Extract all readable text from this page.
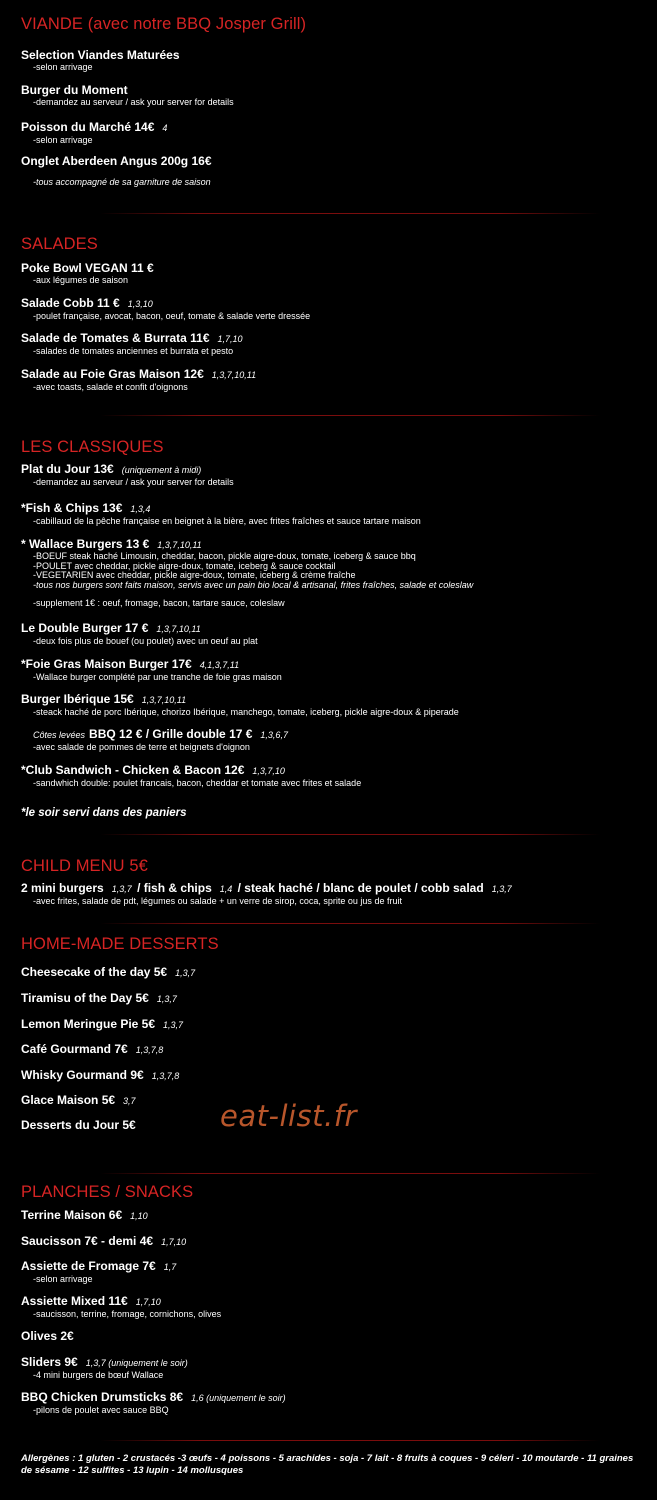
VIANDE (avec notre BBQ Josper Grill)
Selection Viandes Maturées
-selon arrivage
Burger du Moment
-demandez au serveur / ask your server for details
Poisson du Marché 14€ 4
-selon arrivage
Onglet Aberdeen Angus 200g 16€
-tous accompagné de sa garniture de saison
SALADES
Poke Bowl VEGAN 11 €
-aux légumes de saison
Salade Cobb 11 € 1,3,10
-poulet française, avocat, bacon, oeuf, tomate & salade verte dressée
Salade de Tomates & Burrata 11€ 1,7,10
-salades de tomates anciennes et burrata et pesto
Salade au Foie Gras Maison 12€ 1,3,7,10,11
-avec toasts, salade et confit d'oignons
LES CLASSIQUES
Plat du Jour 13€ (uniquement à midi)
-demandez au serveur / ask your server for details
*Fish & Chips 13€ 1,3,4
-cabillaud de la pêche française en beignet à la bière, avec frites fraîches et sauce tartare maison
* Wallace Burgers 13 € 1,3,7,10,11
-BOEUF steak haché Limousin, cheddar, bacon, pickle aigre-doux, tomate, iceberg & sauce bbq
-POULET avec cheddar, pickle aigre-doux, tomate, iceberg & sauce cocktail
-VEGETARIEN avec cheddar, pickle aigre-doux, tomate, iceberg & crème fraîche
-tous nos burgers sont faits maison, servis avec un pain bio local & artisanal, frites fraîches, salade et coleslaw
-supplement 1€ : oeuf, fromage, bacon, tartare sauce, coleslaw
Le Double Burger 17 € 1,3,7,10,11
-deux fois plus de bouef (ou poulet) avec un oeuf au plat
*Foie Gras Maison Burger 17€ 4,1,3,7,11
-Wallace burger complété par une tranche de foie gras maison
Burger Ibérique 15€ 1,3,7,10,11
-steack haché de porc Ibérique, chorizo Ibérique, manchego, tomate, iceberg, pickle aigre-doux & piperade
Côtes levées BBQ 12 € / Grille double 17 € 1,3,6,7
-avec salade de pommes de terre et beignets d'oignon
*Club Sandwich - Chicken & Bacon 12€ 1,3,7,10
-sandwhich double: poulet francais, bacon, cheddar et tomate avec frites et salade
*le soir servi dans des paniers
CHILD MENU 5€
2 mini burgers 1,3,7 / fish & chips 1,4 / steak haché / blanc de poulet / cobb salad 1,3,7
-avec frites, salade de pdt, légumes ou salade + un verre de sirop, coca, sprite ou jus de fruit
HOME-MADE DESSERTS
Cheesecake of the day 5€ 1,3,7
Tiramisu of the Day 5€ 1,3,7
Lemon Meringue Pie 5€ 1,3,7
Café Gourmand 7€ 1,3,7,8
Whisky Gourmand 9€ 1,3,7,8
Glace Maison 5€ 3,7
Desserts du Jour 5€	eat-list.fr
PLANCHES / SNACKS
Terrine Maison 6€ 1,10
Saucisson 7€ - demi 4€ 1,7,10
Assiette de Fromage 7€ 1,7
-selon arrivage
Assiette Mixed 11€ 1,7,10
-saucisson, terrine, fromage, cornichons, olives
Olives 2€
Sliders 9€ 1,3,7 (uniquement le soir)
-4 mini burgers de bœuf Wallace
BBQ Chicken Drumsticks 8€ 1,6 (uniquement le soir)
-pilons de poulet avec sauce BBQ
Allergènes : 1 gluten - 2 crustacés -3 œufs - 4 poissons - 5 arachides - soja - 7 lait - 8 fruits à coques - 9 céleri - 10 moutarde - 11 graines de sésame - 12 sulfites - 13 lupin - 14 mollusques
